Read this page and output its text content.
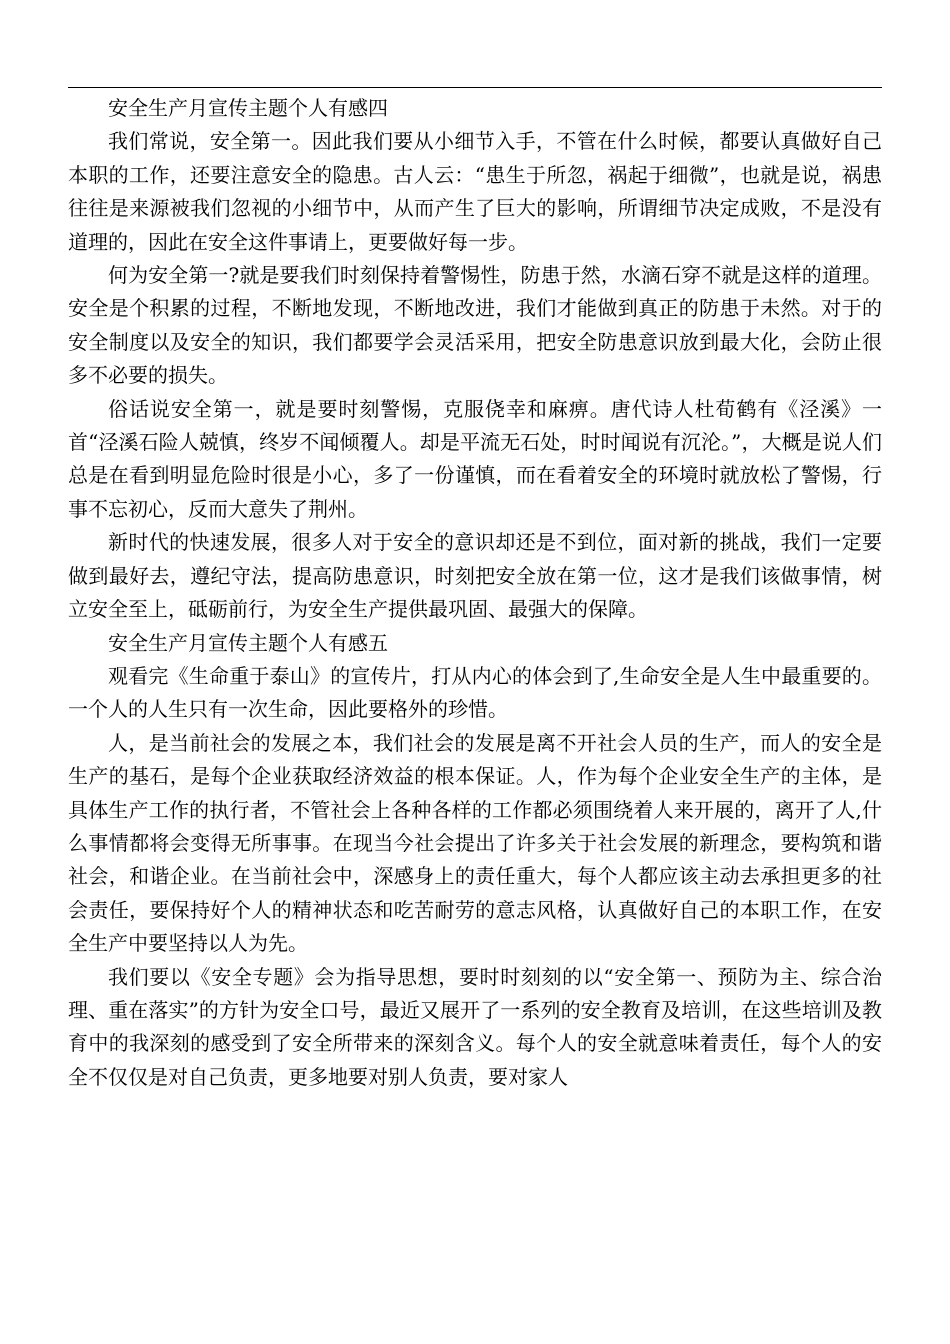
安全生产月宣传主题个人有感四

我们常说，安全第一。因此我们要从小细节入手，不管在什么时候，都要认真做好自己本职的工作，还要注意安全的隐患。古人云：“患生于所忽，祸起于细微”，也就是说，祸患往往是来源被我们忽视的小细节中，从而产生了巨大的影响，所谓细节决定成败，不是没有道理的，因此在安全这件事请上，更要做好每一步。

何为安全第一?就是要我们时刻保持着警惕性，防患于然，水滴石穿不就是这样的道理。安全是个积累的过程，不断地发现，不断地改进，我们才能做到真正的防患于未然。对于的安全制度以及安全的知识，我们都要学会灵活采用，把安全防患意识放到最大化，会防止很多不必要的损失。

俗话说安全第一，就是要时刻警惕，克服侥幸和麻痹。唐代诗人杜荀鹤有《泾溪》一首“泾溪石险人兢慎，终岁不闻倾覆人。却是平流无石处，时时闻说有沉沦。”，大概是说人们总是在看到明显危险时很是小心，多了一份谨慎，而在看着安全的环境时就放松了警惕，行事不忘初心，反而大意失了荆州。

新时代的快速发展，很多人对于安全的意识却还是不到位，面对新的挑战，我们一定要做到最好去，遵纪守法，提高防患意识，时刻把安全放在第一位，这才是我们该做事情，树立安全至上，砥砺前行，为安全生产提供最巩固、最强大的保障。

安全生产月宣传主题个人有感五

观看完《生命重于泰山》的宣传片，打从内心的体会到了,生命安全是人生中最重要的。一个人的人生只有一次生命，因此要格外的珍惜。

人，是当前社会的发展之本，我们社会的发展是离不开社会人员的生产，而人的安全是生产的基石，是每个企业获取经济效益的根本保证。人，作为每个企业安全生产的主体，是具体生产工作的执行者，不管社会上各种各样的工作都必须围绕着人来开展的，离开了人,什么事情都将会变得无所事事。在现当今社会提出了许多关于社会发展的新理念，要构筑和谐社会，和谐企业。在当前社会中，深感身上的责任重大，每个人都应该主动去承担更多的社会责任，要保持好个人的精神状态和吃苦耐劳的意志风格，认真做好自己的本职工作，在安全生产中要坚持以人为先。

我们要以《安全专题》会为指导思想，要时时刻刻的以“安全第一、预防为主、综合治理、重在落实”的方针为安全口号，最近又展开了一系列的安全教育及培训，在这些培训及教育中的我深刻的感受到了安全所带来的深刻含义。每个人的安全就意味着责任，每个人的安全不仅仅是对自己负责，更多地要对别人负责，要对家人
